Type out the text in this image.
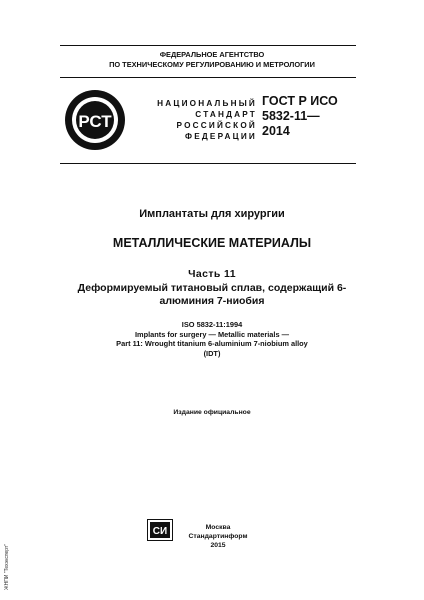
ФЕДЕРАЛЬНОЕ АГЕНТСТВО
ПО ТЕХНИЧЕСКОМУ РЕГУЛИРОВАНИЮ И МЕТРОЛОГИИ
РСТ
НАЦИОНАЛЬНЫЙ
СТАНДАРТ
РОССИЙСКОЙ
ФЕДЕРАЦИИ
ГОСТ Р ИСО
5832-11—
2014
Имплантаты для хирургии
МЕТАЛЛИЧЕСКИЕ МАТЕРИАЛЫ
Часть 11
Деформируемый титановый сплав, содержащий 6-
алюминия 7-ниобия
ISO 5832-11:1994
Implants for surgery — Metallic materials —
Part 11: Wrought titanium 6-aluminium 7-niobium alloy
(IDT)
Издание официальное
СИ	Москва
Стандартинформ
2015
ЖНПИ "Техэксперт"
